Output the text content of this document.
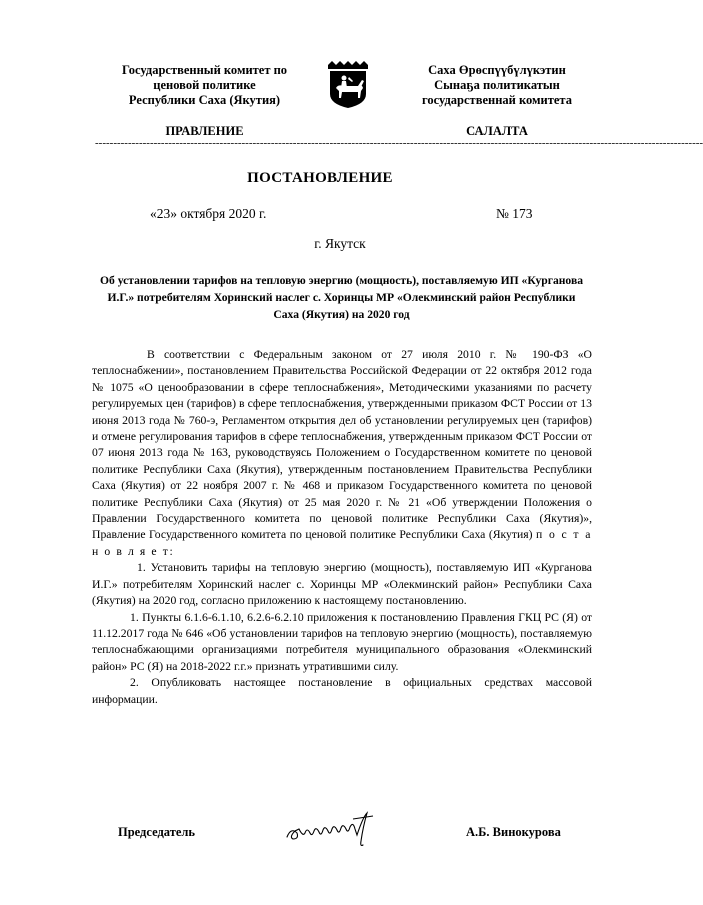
Государственный комитет по
ценовой политике
Республики Саха (Якутия)
Саха Өрөспүүбүлүкэтин
Сынаҕа политикатын
государственнай комитета
ПРАВЛЕНИЕ	САЛАЛТА
----------------------------------------------------------------------------------------------------------------------------------------------------------------------
ПОСТАНОВЛЕНИЕ
«23» октября 2020 г.	№ 173
г. Якутск
Об установлении тарифов на тепловую энергию (мощность), поставляемую ИП «Курганова И.Г.» потребителям Хоринский наслег с. Хоринцы МР «Олекминский район Республики Саха (Якутия) на 2020 год

В соответствии с Федеральным законом от 27 июля 2010 г. № 190-ФЗ «О теплоснабжении», постановлением Правительства Российской Федерации от 22 октября 2012 года № 1075 «О ценообразовании в сфере теплоснабжения», Методическими указаниями по расчету регулируемых цен (тарифов) в сфере теплоснабжения, утвержденными приказом ФСТ России от 13 июня 2013 года № 760-э, Регламентом открытия дел об установлении регулируемых цен (тарифов) и отмене регулирования тарифов в сфере теплоснабжения, утвержденным приказом ФСТ России от 07 июня 2013 года № 163, руководствуясь Положением о Государственном комитете по ценовой политике Республики Саха (Якутия), утвержденным постановлением Правительства Республики Саха (Якутия) от 22 ноября 2007 г. № 468 и приказом Государственного комитета по ценовой политике Республики Саха (Якутия) от 25 мая 2020 г. № 21 «Об утверждении Положения о Правлении Государственного комитета по ценовой политике Республики Саха (Якутия)», Правление Государственного комитета по ценовой политике Республики Саха (Якутия) п о с т а н о в л я е т:

1. Установить тарифы на тепловую энергию (мощность), поставляемую ИП «Курганова И.Г.» потребителям Хоринский наслег с. Хоринцы МР «Олекминский район» Республики Саха (Якутия) на 2020 год, согласно приложению к настоящему постановлению.

1. Пункты 6.1.6-6.1.10, 6.2.6-6.2.10 приложения к постановлению Правления ГКЦ РС (Я) от 11.12.2017 года № 646 «Об установлении тарифов на тепловую энергию (мощность), поставляемую теплоснабжающими организациями потребителя муниципального образования «Олекминский район» РС (Я) на 2018-2022 г.г.» признать утратившими силу.

2. Опубликовать настоящее постановление в официальных средствах массовой информации.

Председатель	А.Б. Винокурова
